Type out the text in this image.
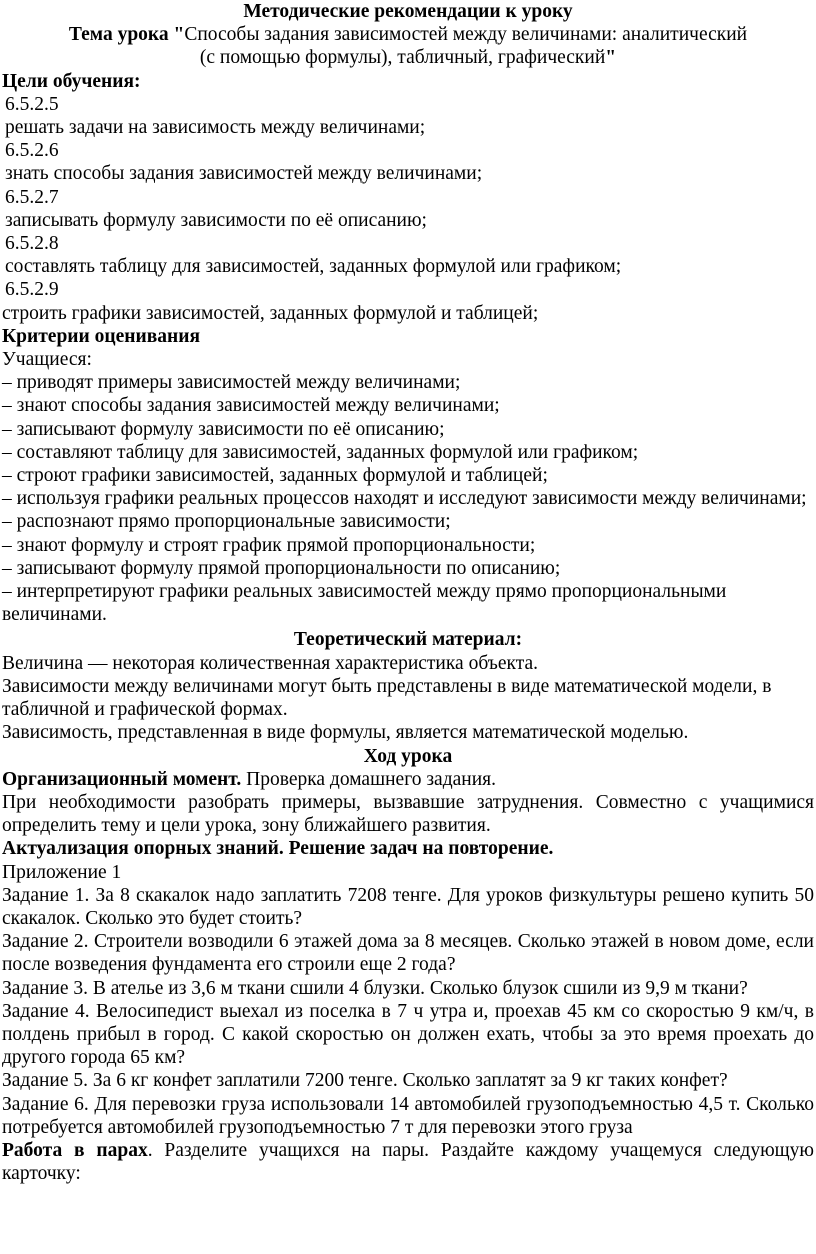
Методические рекомендации к уроку
Тема урока "Способы задания зависимостей между величинами: аналитический
(с помощью формулы), табличный, графический"
Цели обучения:
6.5.2.5
решать задачи на зависимость между величинами;
6.5.2.6
знать способы задания зависимостей между величинами;
6.5.2.7
записывать формулу зависимости по её описанию;
6.5.2.8
составлять таблицу для зависимостей, заданных формулой или графиком;
6.5.2.9
строить графики зависимостей, заданных формулой и таблицей;
Критерии оценивания
Учащиеся:
– приводят примеры зависимостей между величинами;
– знают способы задания зависимостей между величинами;
– записывают формулу зависимости по её описанию;
– составляют таблицу для зависимостей, заданных формулой или графиком;
– строют графики зависимостей, заданных формулой и таблицей;
– используя графики реальных процессов находят и исследуют зависимости между величинами;
– распознают прямо пропорциональные зависимости;
– знают формулу и строят график прямой пропорциональности;
– записывают формулу прямой пропорциональности по описанию;
– интерпретируют графики реальных зависимостей между прямо пропорциональными величинами.
Теоретический материал:
Величина — некоторая количественная характеристика объекта.
Зависимости между величинами могут быть представлены в виде математической модели, в табличной и графической формах.
Зависимость, представленная в виде формулы, является математической моделью.
Ход урока
Организационный момент. Проверка домашнего задания.
При необходимости разобрать примеры, вызвавшие затруднения. Совместно с учащимися определить тему и цели урока, зону ближайшего развития.
Актуализация опорных знаний. Решение задач на повторение.
Приложение 1
Задание 1. За 8 скакалок надо заплатить 7208 тенге. Для уроков физкультуры решено купить 50 скакалок. Сколько это будет стоить?
Задание 2. Строители возводили 6 этажей дома за 8 месяцев. Сколько этажей в новом доме, если после возведения фундамента его строили еще 2 года?
Задание 3. В ателье из 3,6 м ткани сшили 4 блузки. Сколько блузок сшили из 9,9 м ткани?
Задание 4. Велосипедист выехал из поселка в 7 ч утра и, проехав 45 км со скоростью 9 км/ч, в полдень прибыл в город. С какой скоростью он должен ехать, чтобы за это время проехать до другого города 65 км?
Задание 5. За 6 кг конфет заплатили 7200 тенге. Сколько заплатят за 9 кг таких конфет?
Задание 6. Для перевозки груза использовали 14 автомобилей грузоподъемностью 4,5 т. Сколько потребуется автомобилей грузоподъемностью 7 т для перевозки этого груза
Работа в парах. Разделите учащихся на пары. Раздайте каждому учащемуся следующую карточку:
